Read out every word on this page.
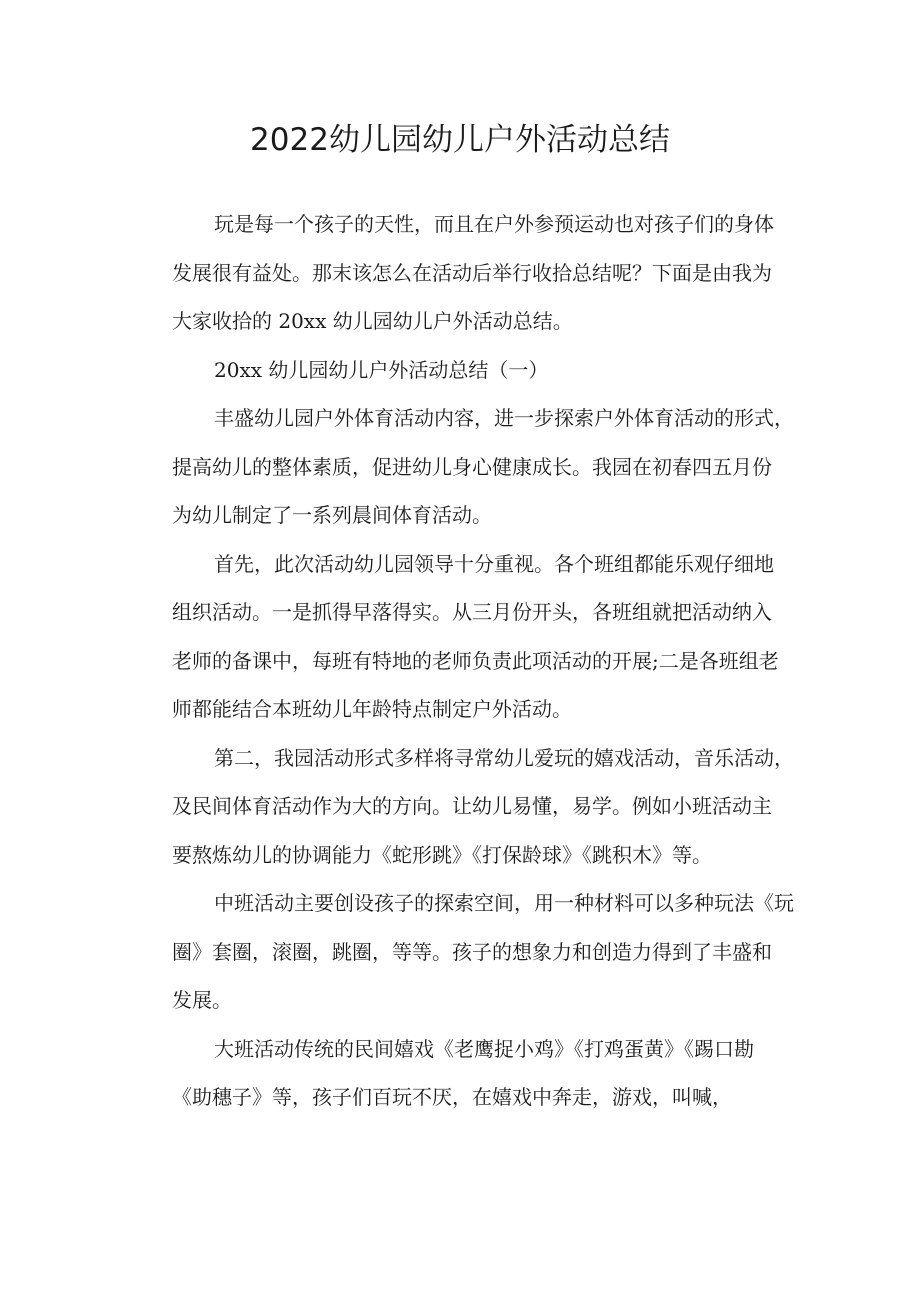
2022幼儿园幼儿户外活动总结

玩是每一个孩子的天性，而且在户外参预运动也对孩子们的身体
发展很有益处。那末该怎么在活动后举行收拾总结呢？下面是由我为
大家收拾的 20xx 幼儿园幼儿户外活动总结。

20xx 幼儿园幼儿户外活动总结（一）

丰盛幼儿园户外体育活动内容，进一步探索户外体育活动的形式，
提高幼儿的整体素质，促进幼儿身心健康成长。我园在初春四五月份
为幼儿制定了一系列晨间体育活动。

首先，此次活动幼儿园领导十分重视。各个班组都能乐观仔细地
组织活动。一是抓得早落得实。从三月份开头，各班组就把活动纳入
老师的备课中，每班有特地的老师负责此项活动的开展;二是各班组老
师都能结合本班幼儿年龄特点制定户外活动。

第二，我园活动形式多样将寻常幼儿爱玩的嬉戏活动，音乐活动，
及民间体育活动作为大的方向。让幼儿易懂，易学。例如小班活动主
要熬炼幼儿的协调能力《蛇形跳》《打保龄球》《跳积木》等。

中班活动主要创设孩子的探索空间，用一种材料可以多种玩法《玩
圈》套圈，滚圈，跳圈，等等。孩子的想象力和创造力得到了丰盛和
发展。

大班活动传统的民间嬉戏《老鹰捉小鸡》《打鸡蛋黄》《踢口勘
《助穗子》等，孩子们百玩不厌，在嬉戏中奔走，游戏，叫喊，
